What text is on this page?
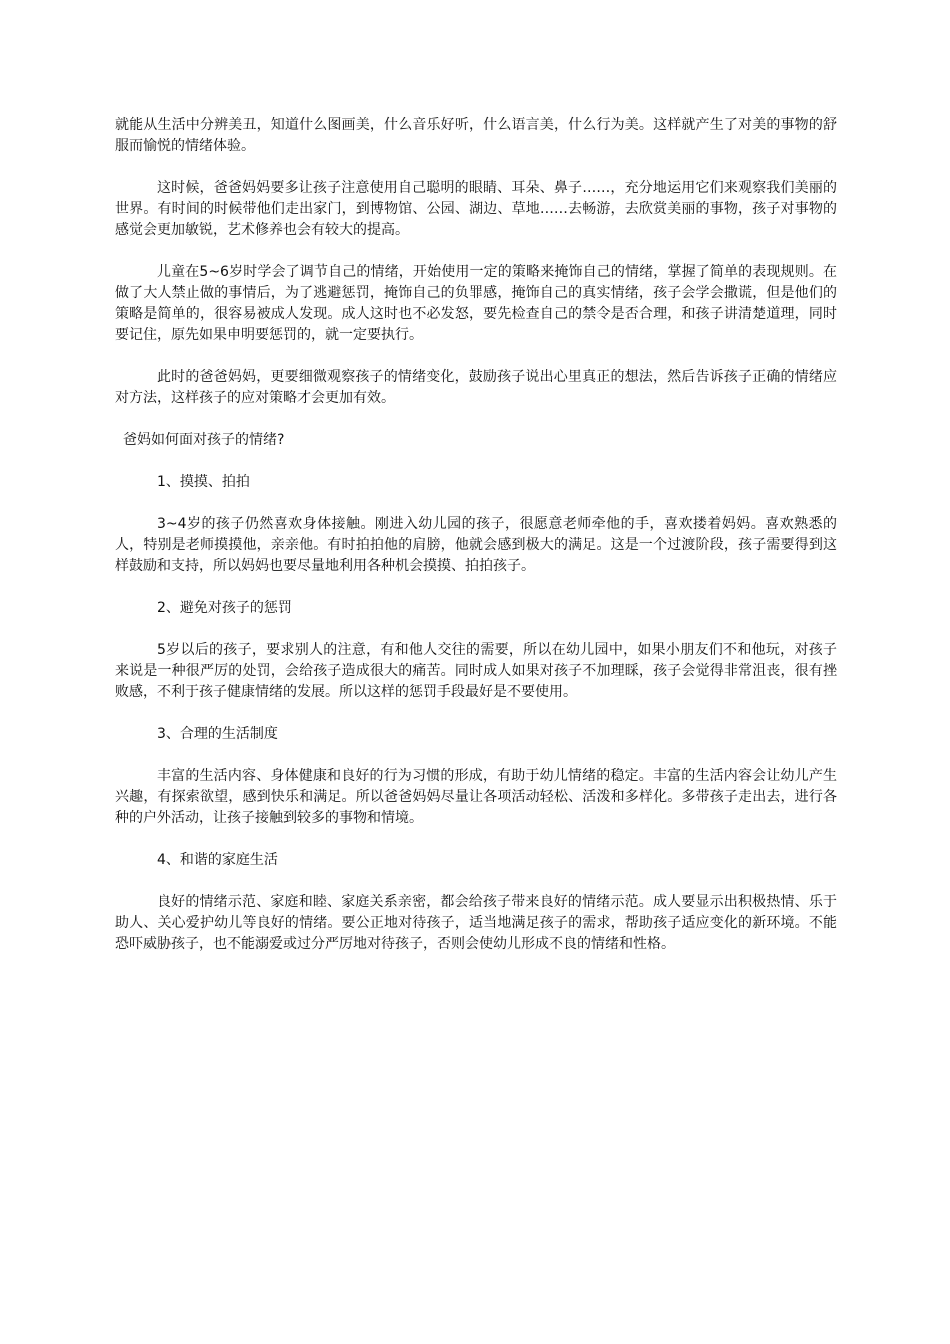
就能从生活中分辨美丑，知道什么图画美，什么音乐好听，什么语言美，什么行为美。这样就产生了对美的事物的舒服而愉悦的情绪体验。

这时候，爸爸妈妈要多让孩子注意使用自己聪明的眼睛、耳朵、鼻子……，充分地运用它们来观察我们美丽的世界。有时间的时候带他们走出家门，到博物馆、公园、湖边、草地……去畅游，去欣赏美丽的事物，孩子对事物的感觉会更加敏锐，艺术修养也会有较大的提高。

儿童在5~6岁时学会了调节自己的情绪，开始使用一定的策略来掩饰自己的情绪，掌握了简单的表现规则。在做了大人禁止做的事情后，为了逃避惩罚，掩饰自己的负罪感，掩饰自己的真实情绪，孩子会学会撒谎，但是他们的策略是简单的，很容易被成人发现。成人这时也不必发怒，要先检查自己的禁令是否合理，和孩子讲清楚道理，同时要记住，原先如果申明要惩罚的，就一定要执行。

此时的爸爸妈妈，更要细微观察孩子的情绪变化，鼓励孩子说出心里真正的想法，然后告诉孩子正确的情绪应对方法，这样孩子的应对策略才会更加有效。

爸妈如何面对孩子的情绪?

1、摸摸、拍拍

3~4岁的孩子仍然喜欢身体接触。刚进入幼儿园的孩子，很愿意老师牵他的手，喜欢搂着妈妈。喜欢熟悉的人，特别是老师摸摸他，亲亲他。有时拍拍他的肩膀，他就会感到极大的满足。这是一个过渡阶段，孩子需要得到这样鼓励和支持，所以妈妈也要尽量地利用各种机会摸摸、拍拍孩子。

2、避免对孩子的惩罚

5岁以后的孩子，要求别人的注意，有和他人交往的需要，所以在幼儿园中，如果小朋友们不和他玩，对孩子来说是一种很严厉的处罚，会给孩子造成很大的痛苦。同时成人如果对孩子不加理睬，孩子会觉得非常沮丧，很有挫败感，不利于孩子健康情绪的发展。所以这样的惩罚手段最好是不要使用。

3、合理的生活制度

丰富的生活内容、身体健康和良好的行为习惯的形成，有助于幼儿情绪的稳定。丰富的生活内容会让幼儿产生兴趣，有探索欲望，感到快乐和满足。所以爸爸妈妈尽量让各项活动轻松、活泼和多样化。多带孩子走出去，进行各种的户外活动，让孩子接触到较多的事物和情境。

4、和谐的家庭生活

良好的情绪示范、家庭和睦、家庭关系亲密，都会给孩子带来良好的情绪示范。成人要显示出积极热情、乐于助人、关心爱护幼儿等良好的情绪。要公正地对待孩子，适当地满足孩子的需求，帮助孩子适应变化的新环境。不能恐吓威胁孩子，也不能溺爱或过分严厉地对待孩子，否则会使幼儿形成不良的情绪和性格。
